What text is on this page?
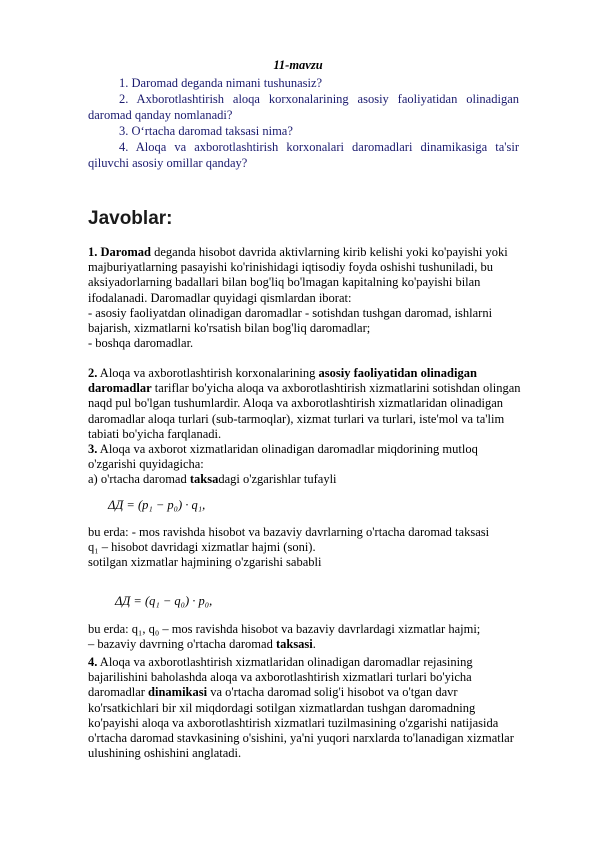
11-mavzu
1. Daromad deganda nimani tushunasiz?
2. Axborotlashtirish aloqa korxonalarining asosiy faoliyatidan olinadigan daromad qanday nomlanadi?
3. O‘rtacha daromad taksasi nima?
4. Aloqa va axborotlashtirish korxonalari daromadlari dinamikasiga ta'sir qiluvchi asosiy omillar qanday?
Javoblar:
1. Daromad deganda hisobot davrida aktivlarning kirib kelishi yoki ko'payishi yoki majburiyatlarning pasayishi ko'rinishidagi iqtisodiy foyda oshishi tushuniladi, bu aksiyadorlarning badallari bilan bog'liq bo'lmagan kapitalning ko'payishi bilan ifodalanadi. Daromadlar quyidagi qismlardan iborat:
- asosiy faoliyatdan olinadigan daromadlar - sotishdan tushgan daromad, ishlarni bajarish, xizmatlarni ko'rsatish bilan bog'liq daromadlar;
- boshqa daromadlar.
2. Aloqa va axborotlashtirish korxonalarining asosiy faoliyatidan olinadigan daromadlar tariflar bo'yicha aloqa va axborotlashtirish xizmatlarini sotishdan olingan naqd pul bo'lgan tushumlardir. Aloqa va axborotlashtirish xizmatlaridan olinadigan daromadlar aloqa turlari (sub-tarmoqlar), xizmat turlari va turlari, iste'mol va ta'lim tabiati bo'yicha farqlanadi.
3. Aloqa va axborot xizmatlaridan olinadigan daromadlar miqdorining mutloq o'zgarishi quyidagicha:
a) o'rtacha daromad taksadagi o'zgarishlar tufayli
ΔД = (p₁ − p₀) · q₁,
bu erda: - mos ravishda hisobot va bazaviy davrlarning o'rtacha daromad taksasi
q₁ – hisobot davridagi xizmatlar hajmi (soni).
sotilgan xizmatlar hajmining o'zgarishi sababli
ΔД = (q₁ − q₀) · p₀,
bu erda: q₁, q₀ – mos ravishda hisobot va bazaviy davrlardagi xizmatlar hajmi;
– bazaviy davrning o'rtacha daromad taksasi.
4. Aloqa va axborotlashtirish xizmatlaridan olinadigan daromadlar rejasining bajarilishini baholashda aloqa va axborotlashtirish xizmatlari turlari bo'yicha daromadlar dinamikasi va o'rtacha daromad solig'i hisobot va o'tgan davr ko'rsatkichlari bir xil miqdordagi sotilgan xizmatlardan tushgan daromadning ko'payishi aloqa va axborotlashtirish xizmatlari tuzilmasining o'zgarishi natijasida o'rtacha daromad stavkasining o'sishini, ya'ni yuqori narxlarda to'lanadigan xizmatlar ulushining oshishini anglatadi.
